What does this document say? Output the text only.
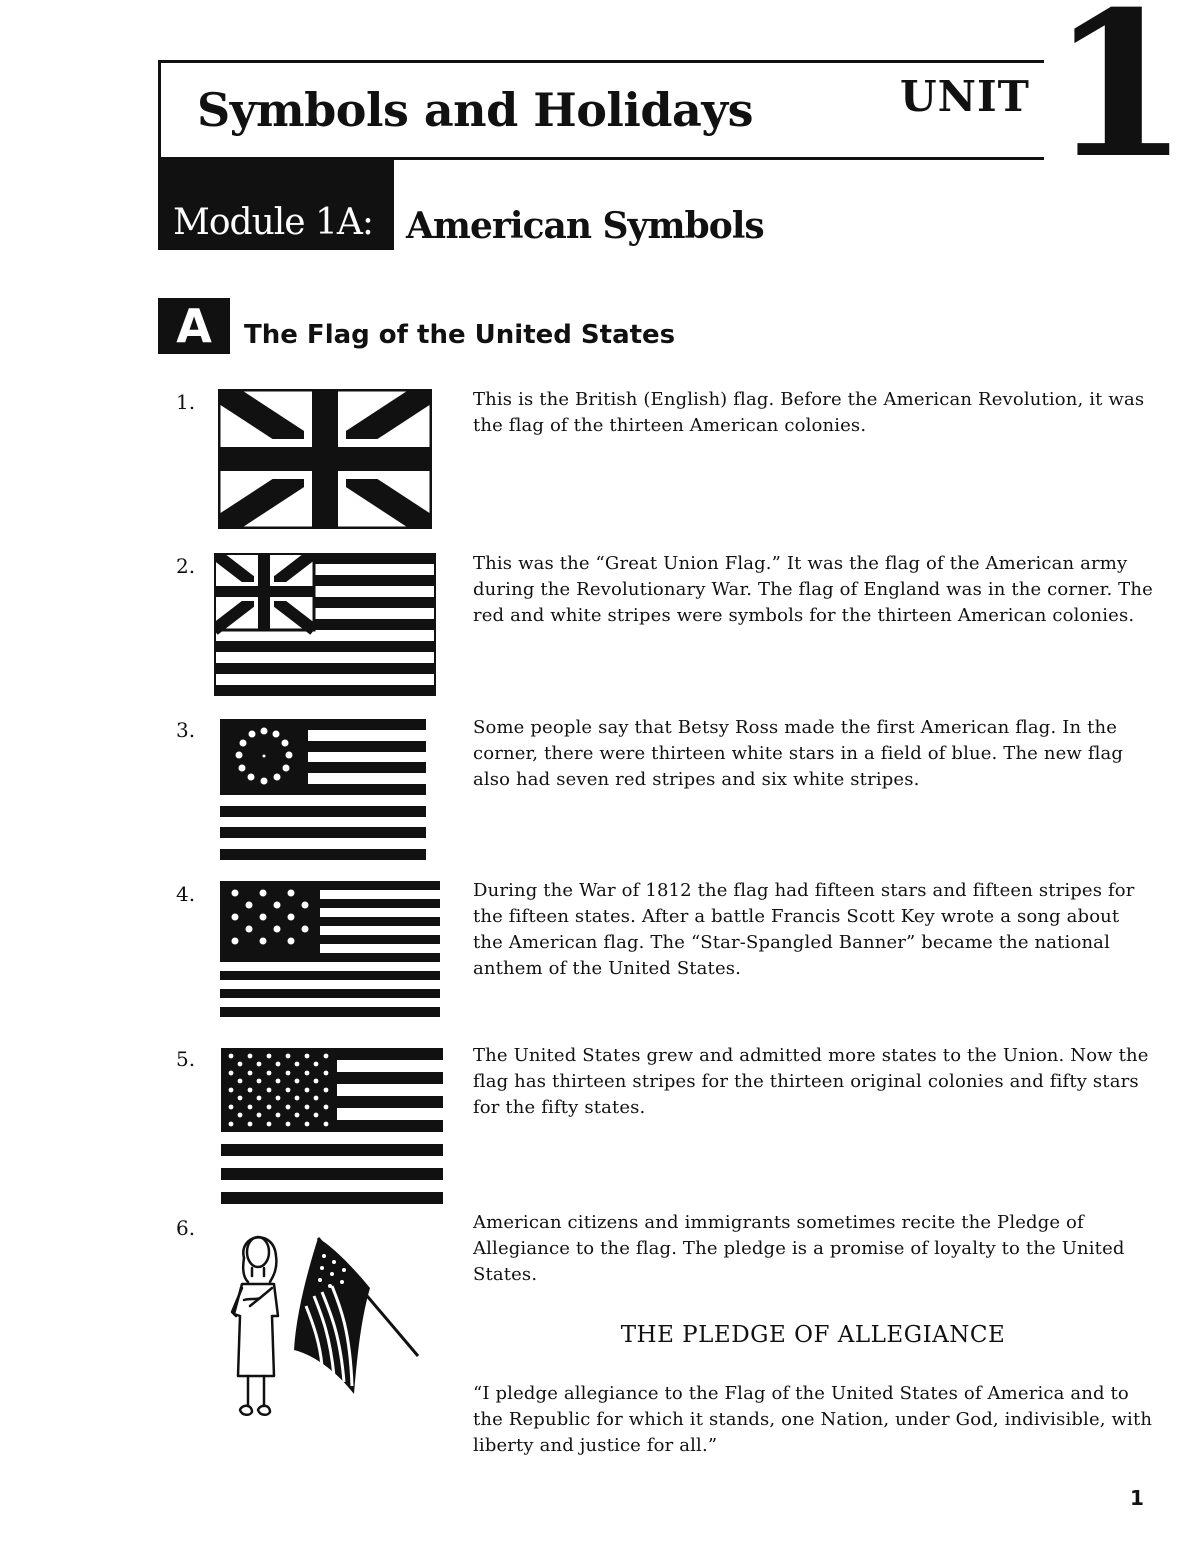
Symbols and Holidays	UNIT 1
Module 1A: American Symbols
A	The Flag of the United States
1.	This is the British (English) flag. Before the American Revolution, it was the flag of the thirteen American colonies.
2.	This was the “Great Union Flag.” It was the flag of the American army during the Revolutionary War. The flag of England was in the corner. The red and white stripes were symbols for the thirteen American colonies.
3.	Some people say that Betsy Ross made the first American flag. In the corner, there were thirteen white stars in a field of blue. The new flag also had seven red stripes and six white stripes.
4.	During the War of 1812 the flag had fifteen stars and fifteen stripes for the fifteen states. After a battle Francis Scott Key wrote a song about the American flag. The “Star-Spangled Banner” became the national anthem of the United States.
5.	The United States grew and admitted more states to the Union. Now the flag has thirteen stripes for the thirteen original colonies and fifty stars for the fifty states.
6.	American citizens and immigrants sometimes recite the Pledge of Allegiance to the flag. The pledge is a promise of loyalty to the United States.
THE PLEDGE OF ALLEGIANCE
“I pledge allegiance to the Flag of the United States of America and to the Republic for which it stands, one Nation, under God, indivisible, with liberty and justice for all.”
1
